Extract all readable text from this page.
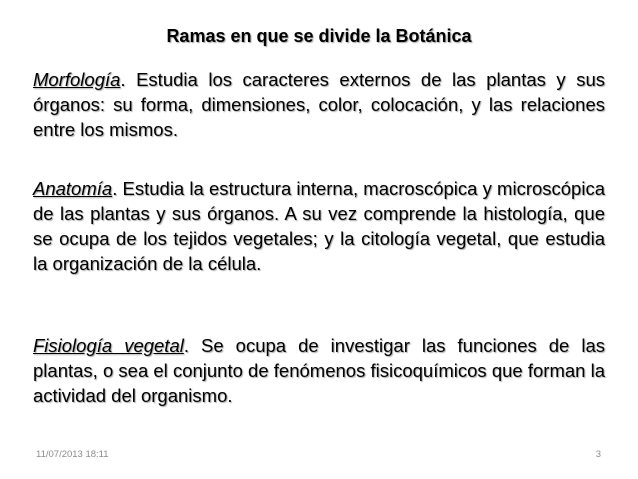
Ramas en que se divide la Botánica
Morfología. Estudia los caracteres externos de las plantas y sus órganos: su forma, dimensiones, color, colocación, y las relaciones entre los mismos.
Anatomía. Estudia la estructura interna, macroscópica y microscópica de las plantas y sus órganos. A su vez comprende la histología, que se ocupa de los tejidos vegetales; y la citología vegetal, que estudia la organización de la célula.
Fisiología vegetal. Se ocupa de investigar las funciones de las plantas, o sea el conjunto de fenómenos fisicoquímicos que forman la actividad del organismo.
11/07/2013 18:11	3
